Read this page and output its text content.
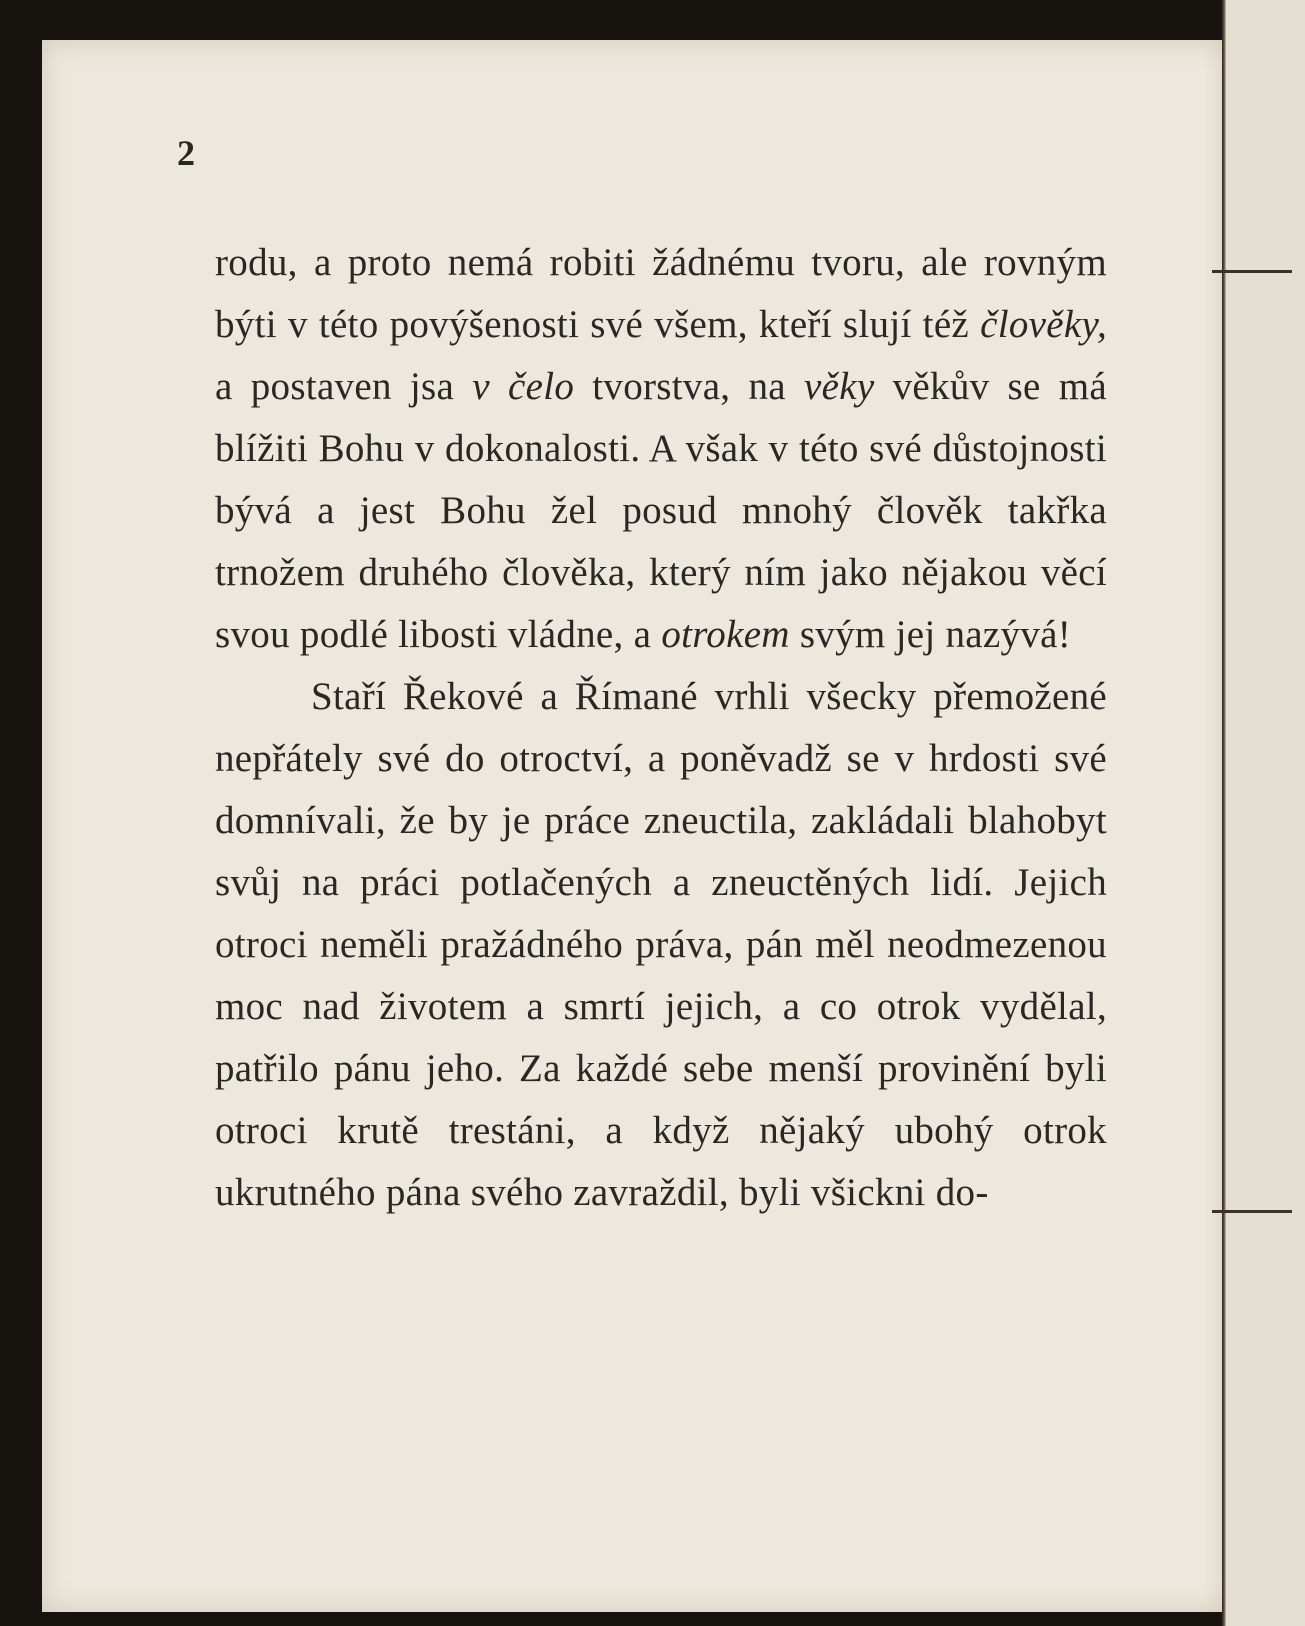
2

rodu, a proto nemá robiti žádnému tvoru, ale rovným býti v této povýšenosti své všem, kteří slují též člověky, a postaven jsa v čelo tvorstva, na věky věkův se má blížiti Bohu v dokonalosti. A však v této své důstojnosti bývá a jest Bohu žel posud mnohý člověk takřka trnožem druhého člověka, který ním jako nějakou věcí svou podlé libosti vládne, a otrokem svým jej nazývá!

Staří Řekové a Římané vrhli všecky přemožené nepřátely své do otroctví, a poněvadž se v hrdosti své domnívali, že by je práce zneuctila, zakládali blahobyt svůj na práci potlačených a zneuctěných lidí. Jejich otroci neměli pražádného práva, pán měl neodmezenou moc nad životem a smrtí jejich, a co otrok vydělal, patřilo pánu jeho. Za každé sebe menší provinění byli otroci krutě trestáni, a když nějaký ubohý otrok ukrutného pána svého zavraždil, byli všickni do-
